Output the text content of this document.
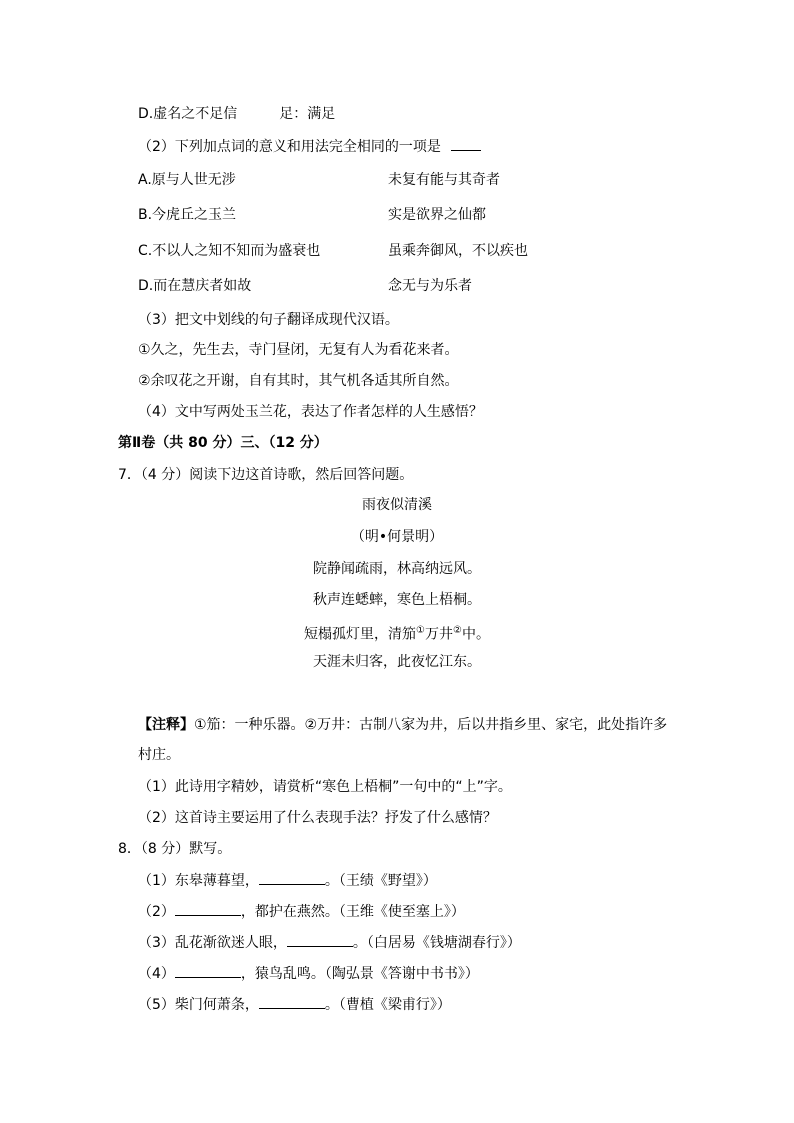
D.虚名之不足信	足：满足
（2）下列加点词的意义和用法完全相同的一项是
A.原与人世无涉	未复有能与其奇者
B.今虎丘之玉兰	实是欲界之仙都
C.不以人之知不知而为盛衰也	虽乘奔御风，不以疾也
D.而在慧庆者如故	念无与为乐者
（3）把文中划线的句子翻译成现代汉语。
①久之，先生去，寺门昼闭，无复有人为看花来者。
②余叹花之开谢，自有其时，其气机各适其所自然。
（4）文中写两处玉兰花，表达了作者怎样的人生感悟？
第Ⅱ卷（共 80 分）三、（12 分）
7．（4 分）阅读下边这首诗歌，然后回答问题。
雨夜似清溪
（明•何景明）
院静闻疏雨，林高纳远风。
秋声连蟋蟀，寒色上梧桐。
短榻孤灯里，清笳①万井②中。
天涯未归客，此夜忆江东。
【注释】①笳：一种乐器。②万井：古制八家为井，后以井指乡里、家宅，此处指许多
村庄。
（1）此诗用字精妙，请赏析“寒色上梧桐”一句中的“上”字。
（2）这首诗主要运用了什么表现手法？抒发了什么感情？
8．（8 分）默写。
（1）东皋薄暮望，	。（王绩《野望》）
（2）	，都护在燕然。（王维《使至塞上》）
（3）乱花渐欲迷人眼，	。（白居易《钱塘湖春行》）
（4）	，猿鸟乱鸣。（陶弘景《答谢中书书》）
（5）柴门何萧条，	。（曹植《梁甫行》）
